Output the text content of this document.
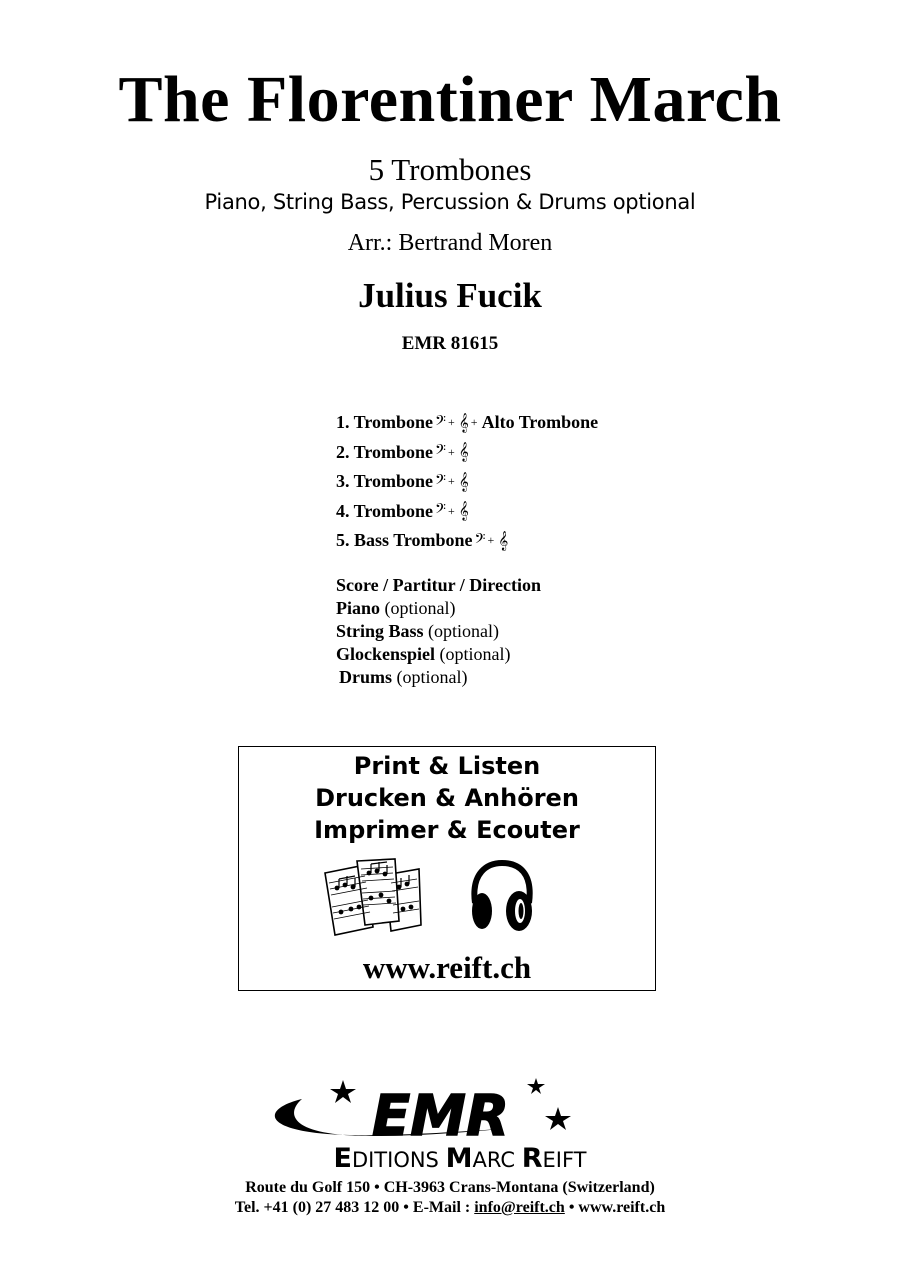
The Florentiner March
5 Trombones
Piano, String Bass, Percussion & Drums optional
Arr.: Bertrand Moren
Julius Fucik
EMR 81615
1. Trombone 𝄢 + 𝄞 + Alto Trombone
2. Trombone 𝄢 + 𝄞
3. Trombone 𝄢 + 𝄞
4. Trombone 𝄢 + 𝄞
5. Bass Trombone 𝄢 + 𝄞
Score / Partitur / Direction
Piano (optional)
String Bass (optional)
Glockenspiel (optional)
Drums (optional)
Print & Listen
Drucken & Anhören
Imprimer & Ecouter
www.reift.ch
EMR
EDITIONS MARC REIFT
Route du Golf 150 • CH-3963 Crans-Montana (Switzerland)
Tel. +41 (0) 27 483 12 00 • E-Mail : info@reift.ch • www.reift.ch
